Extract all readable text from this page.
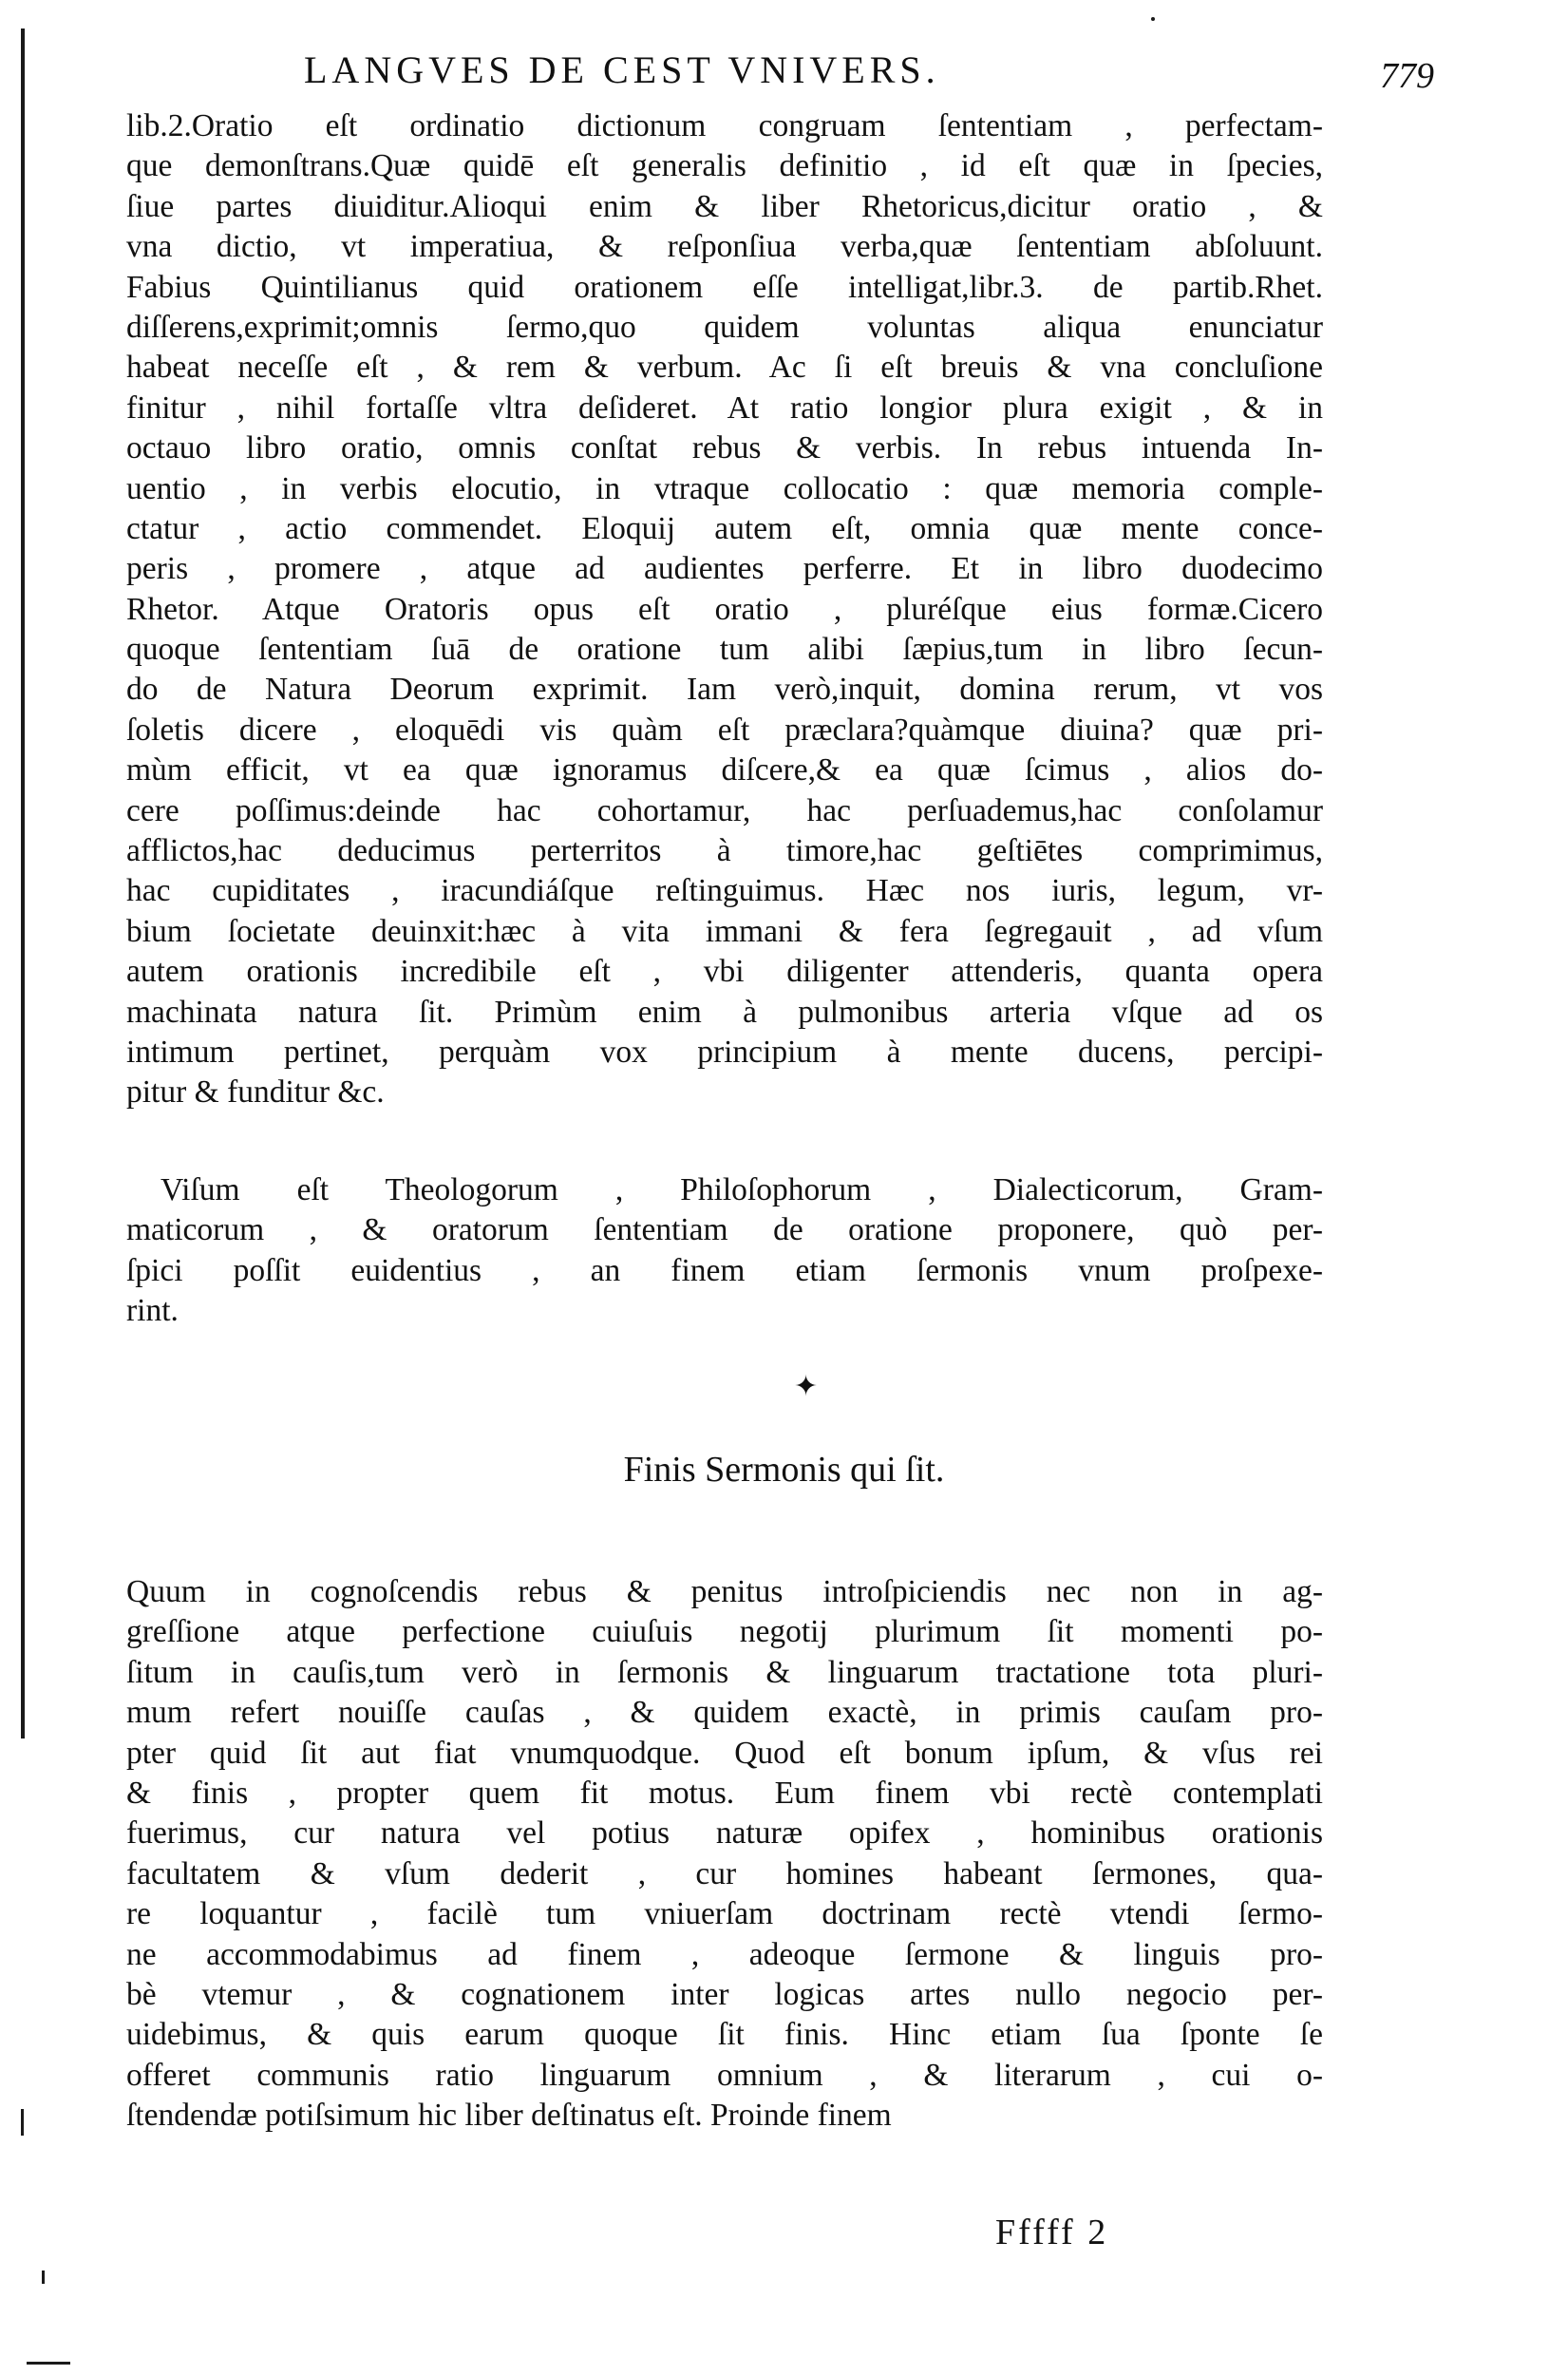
LANGVES DE CEST VNIVERS.	779
lib.2.Oratio eſt ordinatio dictionum congruam ſententiam , perfectam-
que demonſtrans.Quæ quidē eſt generalis definitio , id eſt quæ in ſpecies,
ſiue partes diuiditur.Alioqui enim & liber Rhetoricus,dicitur oratio , &
vna dictio, vt imperatiua, & reſponſiua verba,quæ ſententiam abſoluunt.
Fabius Quintilianus quid orationem eſſe intelligat,libr.3. de partib.Rhet.
diſſerens,exprimit;omnis ſermo,quo quidem voluntas aliqua enunciatur
habeat neceſſe eſt , & rem & verbum. Ac ſi eſt breuis & vna concluſione
finitur , nihil fortaſſe vltra deſideret. At ratio longior plura exigit , & in
octauo libro oratio, omnis conſtat rebus & verbis. In rebus intuenda In-
uentio , in verbis elocutio, in vtraque collocatio : quæ memoria comple-
ctatur , actio commendet. Eloquij autem eſt, omnia quæ mente conce-
peris , promere , atque ad audientes perferre. Et in libro duodecimo
Rhetor. Atque Oratoris opus eſt oratio , pluréſque eius formæ.Cicero
quoque ſententiam ſuā de oratione tum alibi ſæpius,tum in libro ſecun-
do de Natura Deorum exprimit. Iam verò,inquit, domina rerum, vt vos
ſoletis dicere , eloquēdi vis quàm eſt præclara?quàmque diuina? quæ pri-
mùm efficit, vt ea quæ ignoramus diſcere,& ea quæ ſcimus , alios do-
cere poſſimus:deinde hac cohortamur, hac perſuademus,hac conſolamur
afflictos,hac deducimus perterritos à timore,hac geſtiētes comprimimus,
hac cupiditates , iracundiáſque reſtinguimus. Hæc nos iuris, legum, vr-
bium ſocietate deuinxit:hæc à vita immani & fera ſegregauit , ad vſum
autem orationis incredibile eſt , vbi diligenter attenderis, quanta opera
machinata natura ſit. Primùm enim à pulmonibus arteria vſque ad os
intimum pertinet, perquàm vox principium à mente ducens, percipi-
pitur & funditur &c.
Viſum eſt Theologorum , Philoſophorum , Dialecticorum, Gram-
maticorum , & oratorum ſententiam de oratione proponere, quò per-
ſpici poſſit euidentius , an finem etiam ſermonis vnum proſpexe-
rint.
✦
Finis Sermonis qui ſit.
Quum in cognoſcendis rebus & penitus introſpiciendis nec non in ag-
greſſione atque perfectione cuiuſuis negotij plurimum ſit momenti po-
ſitum in cauſis,tum verò in ſermonis & linguarum tractatione tota pluri-
mum refert nouiſſe cauſas , & quidem exactè, in primis cauſam pro-
pter quid ſit aut fiat vnumquodque. Quod eſt bonum ipſum, & vſus rei
& finis , propter quem fit motus. Eum finem vbi rectè contemplati
fuerimus, cur natura vel potius naturæ opifex , hominibus orationis
facultatem & vſum dederit , cur homines habeant ſermones, qua-
re loquantur , facilè tum vniuerſam doctrinam rectè vtendi ſermo-
ne accommodabimus ad finem , adeoque ſermone & linguis pro-
bè vtemur , & cognationem inter logicas artes nullo negocio per-
uidebimus, & quis earum quoque ſit finis. Hinc etiam ſua ſponte ſe
offeret communis ratio linguarum omnium , & literarum , cui o-
ſtendendæ potiſsimum hic liber deſtinatus eſt. Proinde finem
Fffff 2
